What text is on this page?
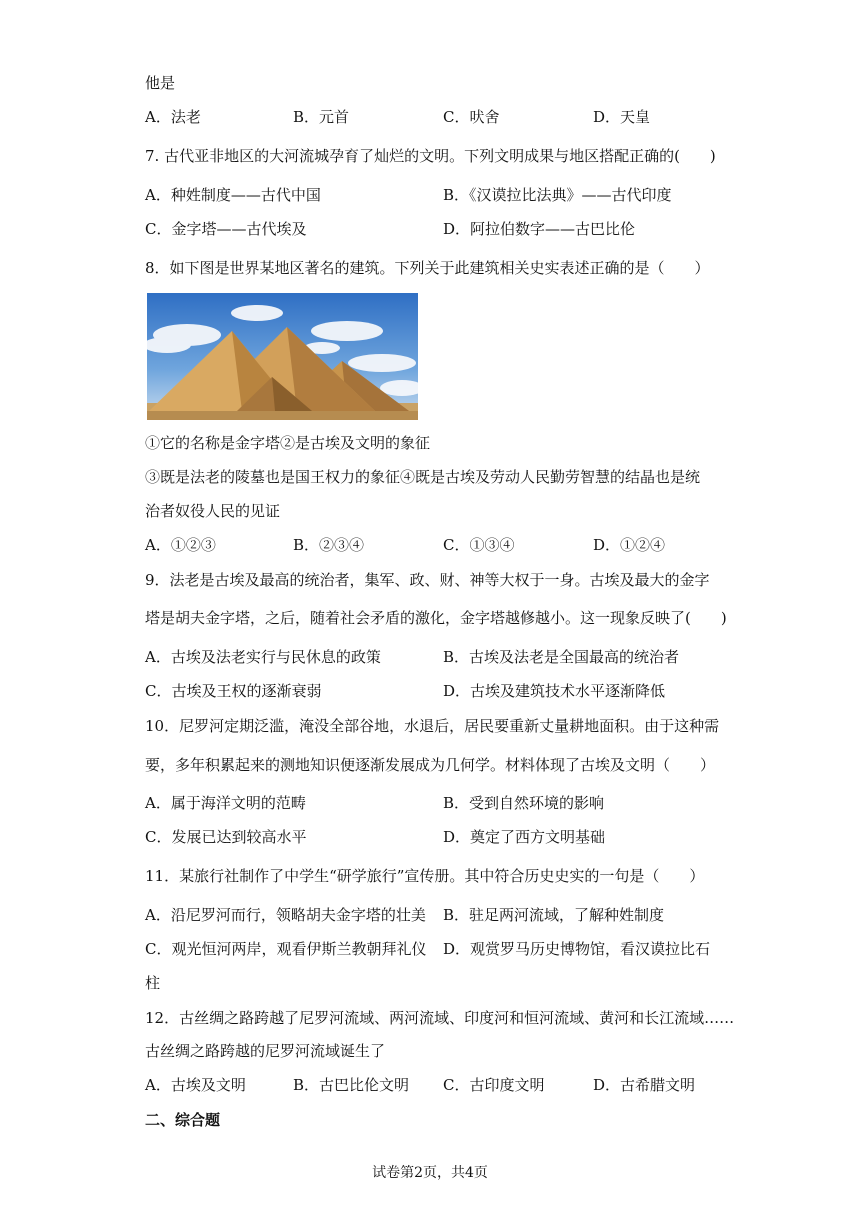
他是
A．法老	B．元首	C．吠舍	D．天皇
7. 古代亚非地区的大河流城孕育了灿烂的文明。下列文明成果与地区搭配正确的(　　)
A．种姓制度——古代中国	B．《汉谟拉比法典》——古代印度
C．金字塔——古代埃及	D．阿拉伯数字——古巴比伦
8．如下图是世界某地区著名的建筑。下列关于此建筑相关史实表述正确的是（　　）
①它的名称是金字塔②是古埃及文明的象征
③既是法老的陵墓也是国王权力的象征④既是古埃及劳动人民勤劳智慧的结晶也是统
治者奴役人民的见证
A．①②③	B．②③④	C．①③④	D．①②④
9．法老是古埃及最高的统治者，集军、政、财、神等大权于一身。古埃及最大的金字
塔是胡夫金字塔，之后，随着社会矛盾的激化，金字塔越修越小。这一现象反映了(　　)
A．古埃及法老实行与民休息的政策	B．古埃及法老是全国最高的统治者
C．古埃及王权的逐渐衰弱	D．古埃及建筑技术水平逐渐降低
10．尼罗河定期泛滥，淹没全部谷地，水退后，居民要重新丈量耕地面积。由于这种需
要，多年积累起来的测地知识便逐渐发展成为几何学。材料体现了古埃及文明（　　）
A．属于海洋文明的范畴	B．受到自然环境的影响
C．发展已达到较高水平	D．奠定了西方文明基础
11．某旅行社制作了中学生“研学旅行”宣传册。其中符合历史史实的一句是（　　）
A．沿尼罗河而行，领略胡夫金字塔的壮美 B．驻足两河流域，了解种姓制度
C．观光恒河两岸，观看伊斯兰教朝拜礼仪 D．观赏罗马历史博物馆，看汉谟拉比石
柱
12．古丝绸之路跨越了尼罗河流域、两河流域、印度河和恒河流域、黄河和长江流域……
古丝绸之路跨越的尼罗河流域诞生了
A．古埃及文明	B．古巴比伦文明 C．古印度文明	D．古希腊文明
二、综合题
试卷第2页，共4页
